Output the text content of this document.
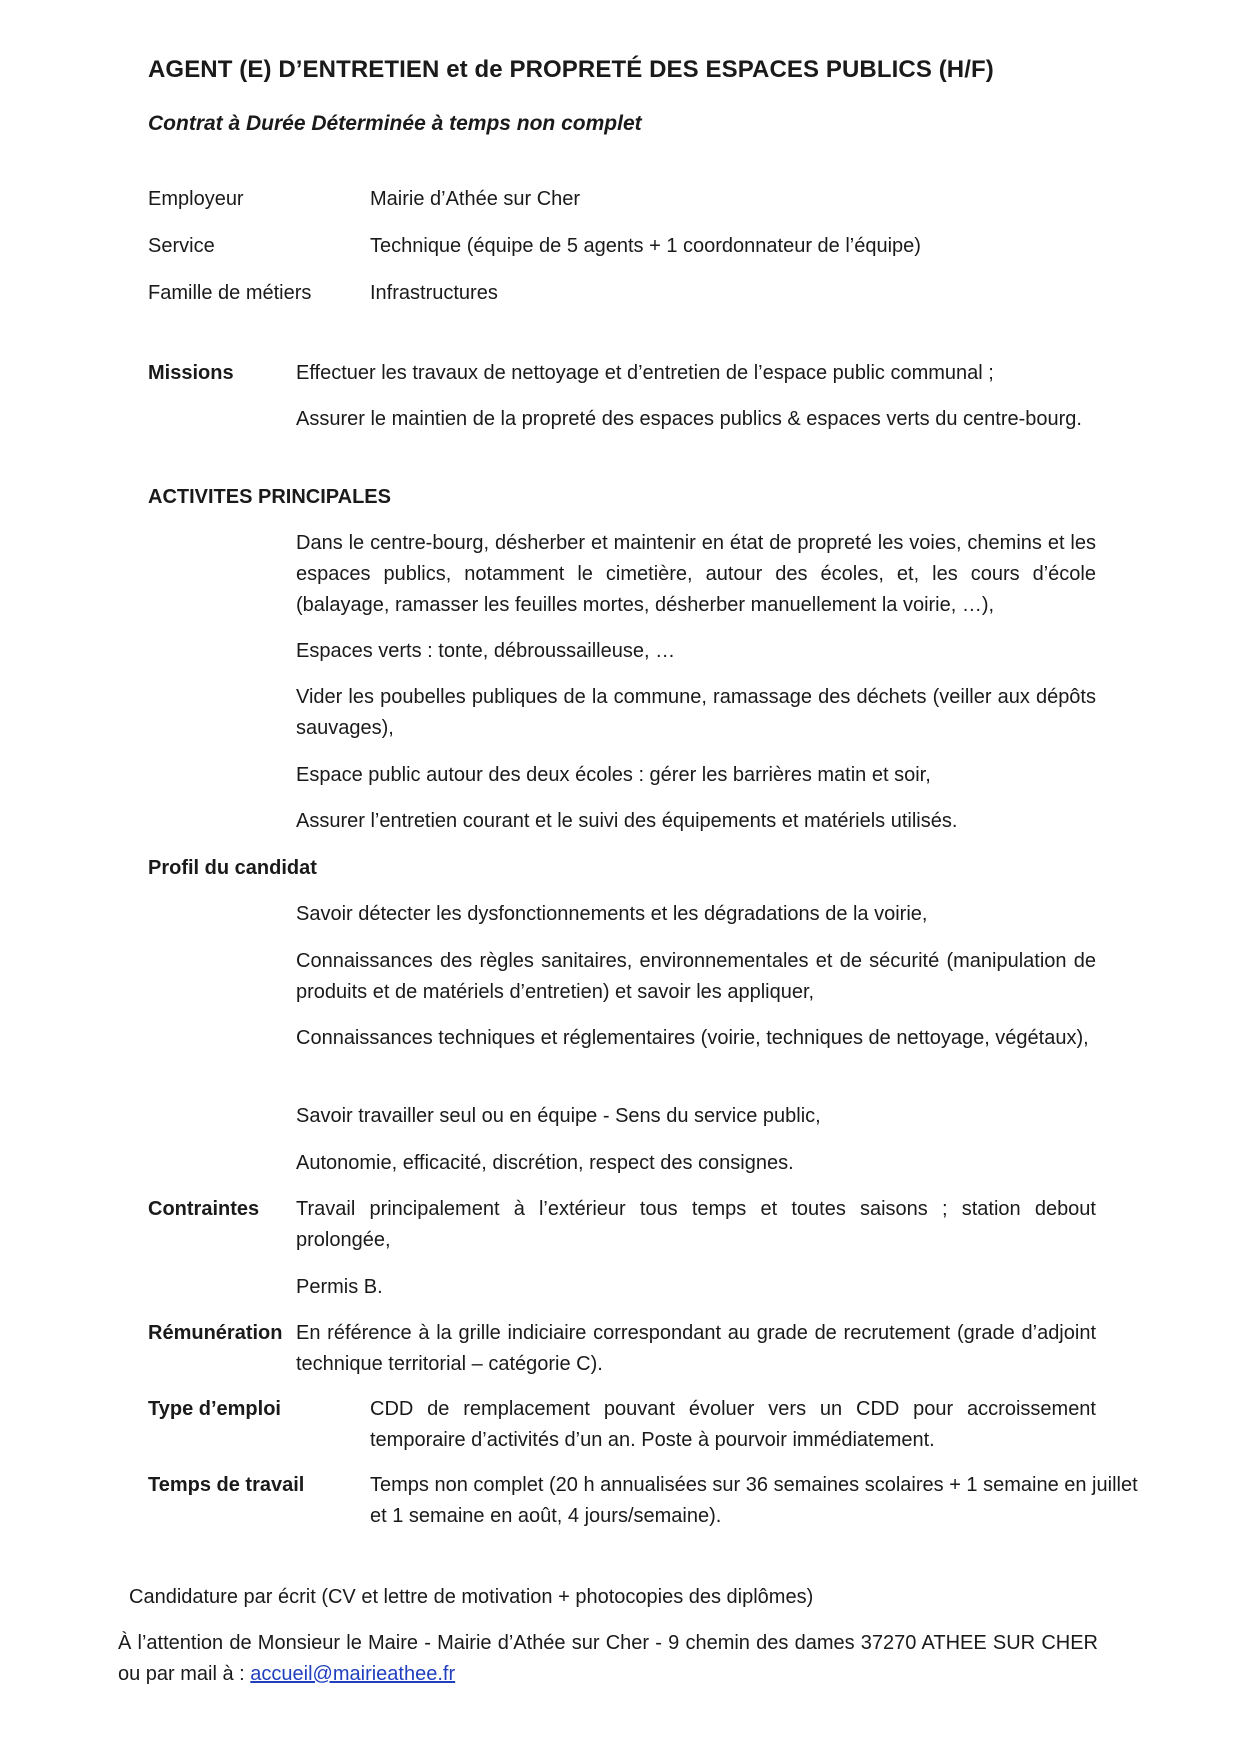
AGENT (E) D’ENTRETIEN et de PROPRETÉ DES ESPACES PUBLICS (H/F)
Contrat à Durée Déterminée à temps non complet
Employeur	Mairie d’Athée sur Cher
Service	Technique (équipe de 5 agents + 1 coordonnateur de l’équipe)
Famille de métiers	Infrastructures
Missions	Effectuer les travaux de nettoyage et d’entretien de l’espace public communal ;
Assurer le maintien de la propreté des espaces publics & espaces verts du centre-bourg.
ACTIVITES PRINCIPALES
Dans le centre-bourg, désherber et maintenir en état de propreté les voies, chemins et les espaces publics, notamment le cimetière, autour des écoles, et, les cours d’école (balayage, ramasser les feuilles mortes, désherber manuellement la voirie, …),
Espaces verts : tonte, débroussailleuse, …
Vider les poubelles publiques de la commune, ramassage des déchets (veiller aux dépôts sauvages),
Espace public autour des deux écoles : gérer les barrières matin et soir,
Assurer l’entretien courant et le suivi des équipements et matériels utilisés.
Profil du candidat
Savoir détecter les dysfonctionnements et les dégradations de la voirie,
Connaissances des règles sanitaires, environnementales et de sécurité (manipulation de produits et de matériels d’entretien) et savoir les appliquer,
Connaissances techniques et réglementaires (voirie, techniques de nettoyage, végétaux),
Savoir travailler seul ou en équipe - Sens du service public,
Autonomie, efficacité, discrétion, respect des consignes.
Contraintes Travail principalement à l’extérieur tous temps et toutes saisons ; station debout prolongée,
Permis B.
Rémunération En référence à la grille indiciaire correspondant au grade de recrutement (grade d’adjoint technique territorial – catégorie C).
Type d’emploi	CDD de remplacement pouvant évoluer vers un CDD pour accroissement temporaire d’activités d’un an. Poste à pourvoir immédiatement.
Temps de travail	Temps non complet (20 h annualisées sur 36 semaines scolaires + 1 semaine en juillet
et 1 semaine en août, 4 jours/semaine).
Candidature par écrit (CV et lettre de motivation + photocopies des diplômes)
À l’attention de Monsieur le Maire - Mairie d’Athée sur Cher - 9 chemin des dames 37270 ATHEE SUR CHER ou par mail à : accueil@mairieathee.fr
